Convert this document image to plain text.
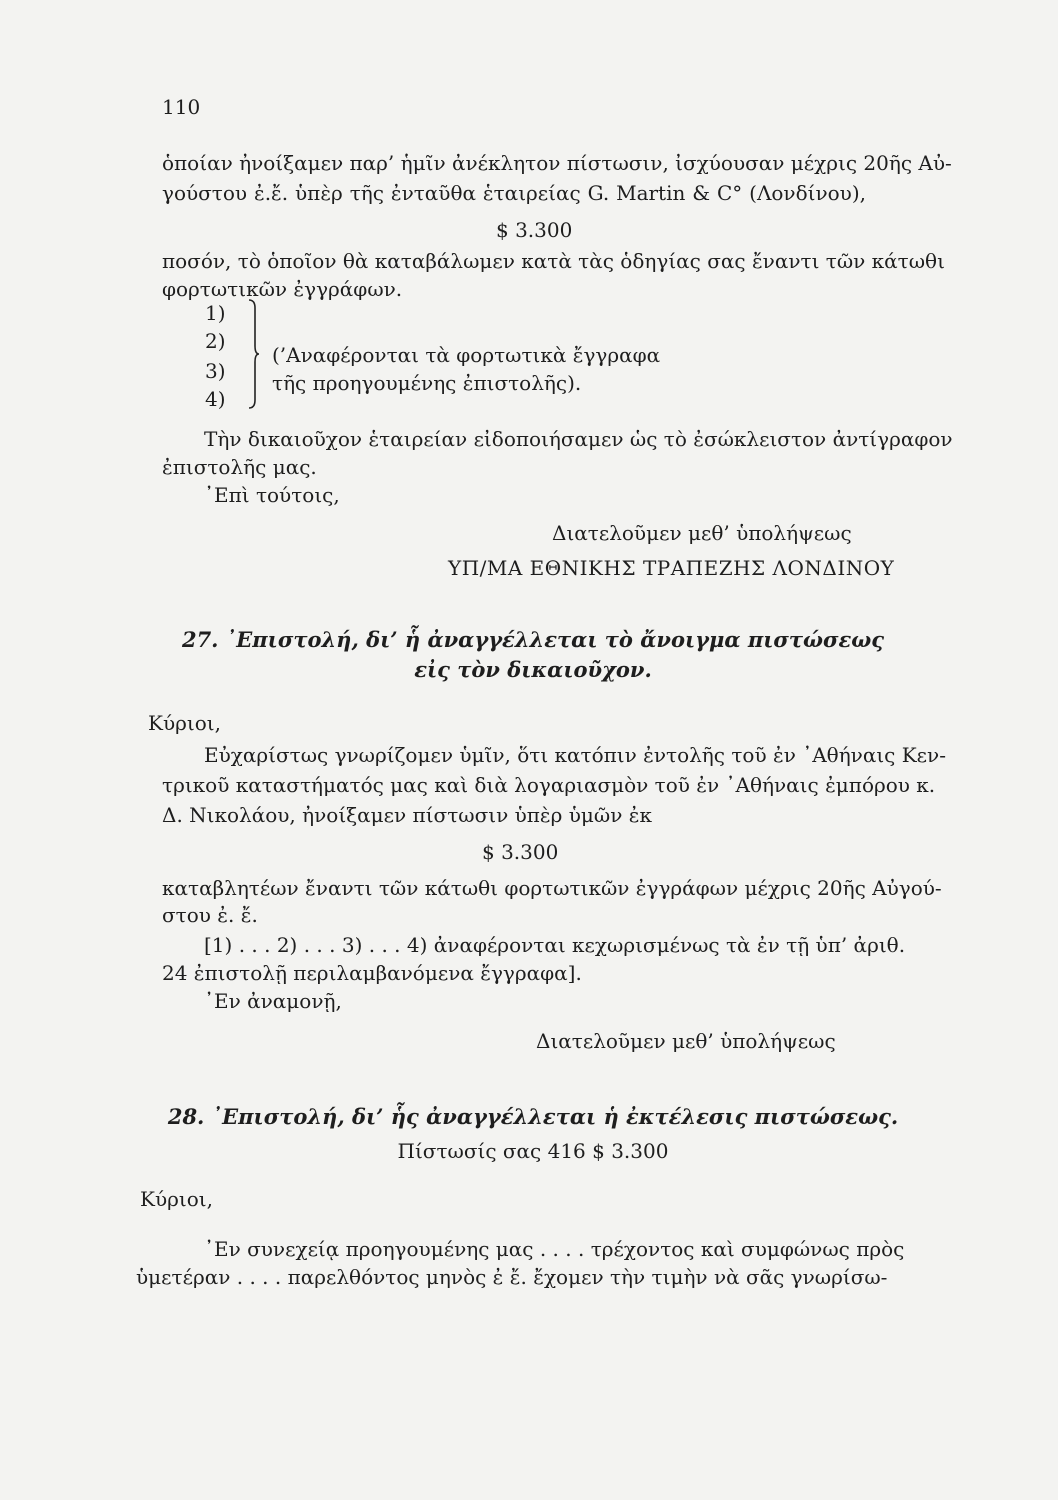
110
ὁποίαν ἠνοίξαμεν παρ’ ἡμῖν ἀνέκλητον πίστωσιν, ἰσχύουσαν μέχρις 20ῆς Αὐ-
γούστου ἐ.ἔ. ὑπὲρ τῆς ἐνταῦθα ἑταιρείας G. Martin & C° (Λονδίνου),
$ 3.300
ποσόν, τὸ ὁποῖον θὰ καταβάλωμεν κατὰ τὰς ὁδηγίας σας ἔναντι τῶν κάτωθι
φορτωτικῶν ἐγγράφων.
1)
2)
3)
4)
(’Αναφέρονται τὰ φορτωτικὰ ἔγγραφα
τῆς προηγουμένης ἐπιστολῆς).
Τὴν δικαιοῦχον ἑταιρείαν εἰδοποιήσαμεν ὡς τὸ ἐσώκλειστον ἀντίγραφον
ἐπιστολῆς μας.
᾽Επὶ τούτοις,
Διατελοῦμεν μεθ’ ὑπολήψεως
ΥΠ/ΜΑ ΕΘΝΙΚΗΣ ΤΡΑΠΕΖΗΣ ΛΟΝΔΙΝΟΥ
27. ᾽Επιστολή, δι’ ἧ ἀναγγέλλεται τὸ ἄνοιγμα πιστώσεως
εἰς τὸν δικαιοῦχον.
Κύριοι,
Εὐχαρίστως γνωρίζομεν ὑμῖν, ὅτι κατόπιν ἐντολῆς τοῦ ἐν ᾽Αθήναις Κεν-
τρικοῦ καταστήματός μας καὶ διὰ λογαριασμὸν τοῦ ἐν ᾽Αθήναις ἐμπόρου κ.
Δ. Νικολάου, ἠνοίξαμεν πίστωσιν ὑπὲρ ὑμῶν ἐκ
$ 3.300
καταβλητέων ἔναντι τῶν κάτωθι φορτωτικῶν ἐγγράφων μέχρις 20ῆς Αὐγού-
στου ἐ. ἔ.
[1) . . . 2) . . . 3) . . . 4) ἀναφέρονται κεχωρισμένως τὰ ἐν τῇ ὑπ’ ἀριθ.
24 ἐπιστολῇ περιλαμβανόμενα ἔγγραφα].
᾽Εν ἀναμονῇ,
Διατελοῦμεν μεθ’ ὑπολήψεως
28. ᾽Επιστολή, δι’ ἧς ἀναγγέλλεται ἡ ἐκτέλεσις πιστώσεως.
Πίστωσίς σας 416 $ 3.300
Κύριοι,
᾽Εν συνεχείᾳ προηγουμένης μας . . . . τρέχοντος καὶ συμφώνως πρὸς
ὑμετέραν . . . . παρελθόντος μηνὸς ἐ ἔ. ἔχομεν τὴν τιμὴν νὰ σᾶς γνωρίσω-
